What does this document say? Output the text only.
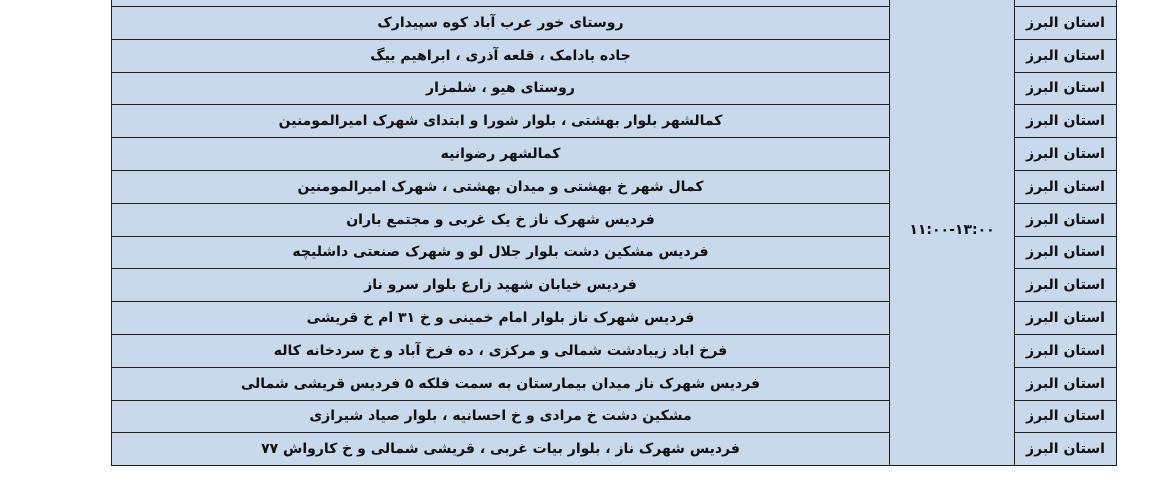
	۱۱:۰۰-۱۳:۰۰	
استان البرز		روستای خور عرب آباد کوه سپیدارک
استان البرز		جاده بادامک ، قلعه آذری ، ابراهیم بیگ
استان البرز		روستای هیو ، شلمزار
استان البرز		کمالشهر بلوار بهشتی ، بلوار شورا و ابتدای شهرک امیرالمومنین
استان البرز		کمالشهر رضوانیه
استان البرز		کمال شهر خ بهشتی و میدان بهشتی ، شهرک امیرالمومنین
استان البرز		فردیس شهرک ناز خ یک غربی و مجتمع باران
استان البرز		فردیس مشکین دشت بلوار جلال لو و شهرک صنعتی داشلیچه
استان البرز		فردیس خیابان شهید زارع بلوار سرو ناز
استان البرز		فردیس شهرک ناز بلوار امام خمینی و خ ۳۱ ام خ قریشی
استان البرز		فرخ اباد زیبادشت شمالی و مرکزی ، ده فرخ آباد و خ سردخانه کاله
استان البرز		فردیس شهرک ناز میدان بیمارستان به سمت فلکه ۵ فردیس قریشی شمالی
استان البرز		مشکین دشت خ مرادی و خ احسانیه ، بلوار صیاد شیرازی
استان البرز		فردیس شهرک ناز ، بلوار بیات غربی ، قریشی شمالی و خ کارواش ۷۷
